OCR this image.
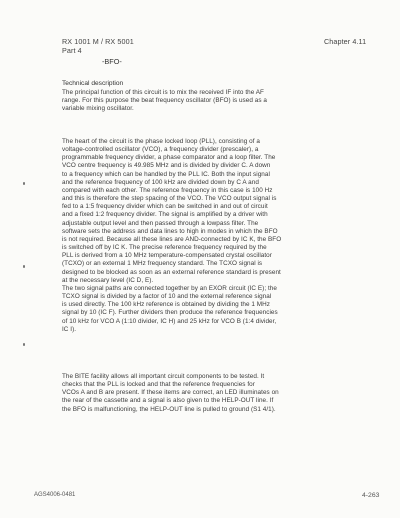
RX 1001 M / RX 5001
Part 4
Chapter 4.11
-BFO-
Technical description
The principal function of this circuit is to mix the received IF into the AF
range. For this purpose the beat frequency oscillator (BFO) is used as a
variable mixing oscillator.
The heart of the circuit is the phase locked loop (PLL), consisting of a
voltage-controlled oscillator (VCO), a frequency divider (prescaler), a
programmable frequency divider, a phase comparator and a loop filter. The
VCO centre frequency is 49.985 MHz and is divided by divider C. A down
to a frequency which can be handled by the PLL IC. Both the input signal
and the reference frequency of 100 kHz are divided down by C A and
compared with each other. The reference frequency in this case is 100 Hz
and this is therefore the step spacing of the VCO. The VCO output signal is
fed to a 1:5 frequency divider which can be switched in and out of circuit
and a fixed 1:2 frequency divider. The signal is amplified by a driver with
adjustable output level and then passed through a lowpass filter. The
software sets the address and data lines to high in modes in which the BFO
is not required. Because all these lines are AND-connected by IC K, the BFO
is switched off by IC K. The precise reference frequency required by the
PLL is derived from a 10 MHz temperature-compensated crystal oscillator
(TCXO) or an external 1 MHz frequency standard. The TCXO signal is
designed to be blocked as soon as an external reference standard is present
at the necessary level (IC D, E).
The two signal paths are connected together by an EXOR circuit (IC E); the
TCXO signal is divided by a factor of 10 and the external reference signal
is used directly. The 100 kHz reference is obtained by dividing the 1 MHz
signal by 10 (IC F). Further dividers then produce the reference frequencies
of 10 kHz for VCO A (1:10 divider, IC H) and 25 kHz for VCO B (1:4 divider,
IC I).
The BITE facility allows all important circuit components to be tested. It
checks that the PLL is locked and that the reference frequencies for
VCOs A and B are present. If these items are correct, an LED illuminates on
the rear of the cassette and a signal is also given to the HELP-OUT line. If
the BFO is malfunctioning, the HELP-OUT line is pulled to ground (S1 4/1).
AGS4006-0481	4-263
